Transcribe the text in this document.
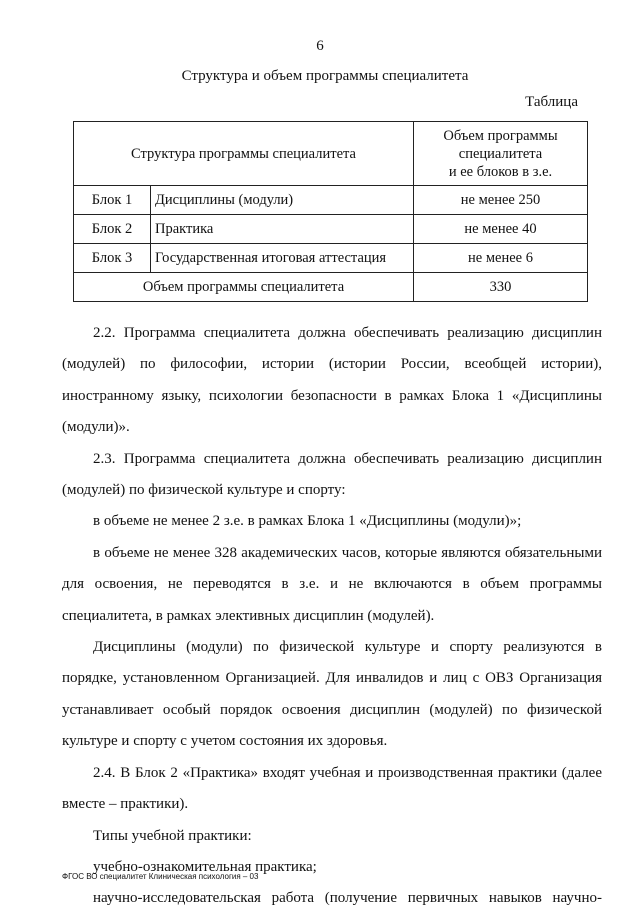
6
Структура и объем программы специалитета
Таблица
Структура программы специалитета		Объем программы
специалитета
и ее блоков в з.е.
Блок 1	Дисциплины (модули)	не менее 250
Блок 2	Практика	не менее 40
Блок 3	Государственная итоговая аттестация	не менее 6
Объем программы специалитета		330

2.2. Программа специалитета должна обеспечивать реализацию дисциплин (модулей) по философии, истории (истории России, всеобщей истории), иностранному языку, психологии безопасности в рамках Блока 1 «Дисциплины (модули)».

2.3. Программа специалитета должна обеспечивать реализацию дисциплин (модулей) по физической культуре и спорту:

в объеме не менее 2 з.е. в рамках Блока 1 «Дисциплины (модули)»;

в объеме не менее 328 академических часов, которые являются обязательными для освоения, не переводятся в з.е. и не включаются в объем программы специалитета, в рамках элективных дисциплин (модулей).

Дисциплины (модули) по физической культуре и спорту реализуются в порядке, установленном Организацией. Для инвалидов и лиц с ОВЗ Организация устанавливает особый порядок освоения дисциплин (модулей) по физической культуре и спорту с учетом состояния их здоровья.

2.4. В Блок 2 «Практика» входят учебная и производственная практики (далее вместе – практики).

Типы учебной практики:

учебно-ознакомительная практика;

научно-исследовательская работа (получение первичных навыков научно-

ФГОС ВО специалитет Клиническая психология – 03
